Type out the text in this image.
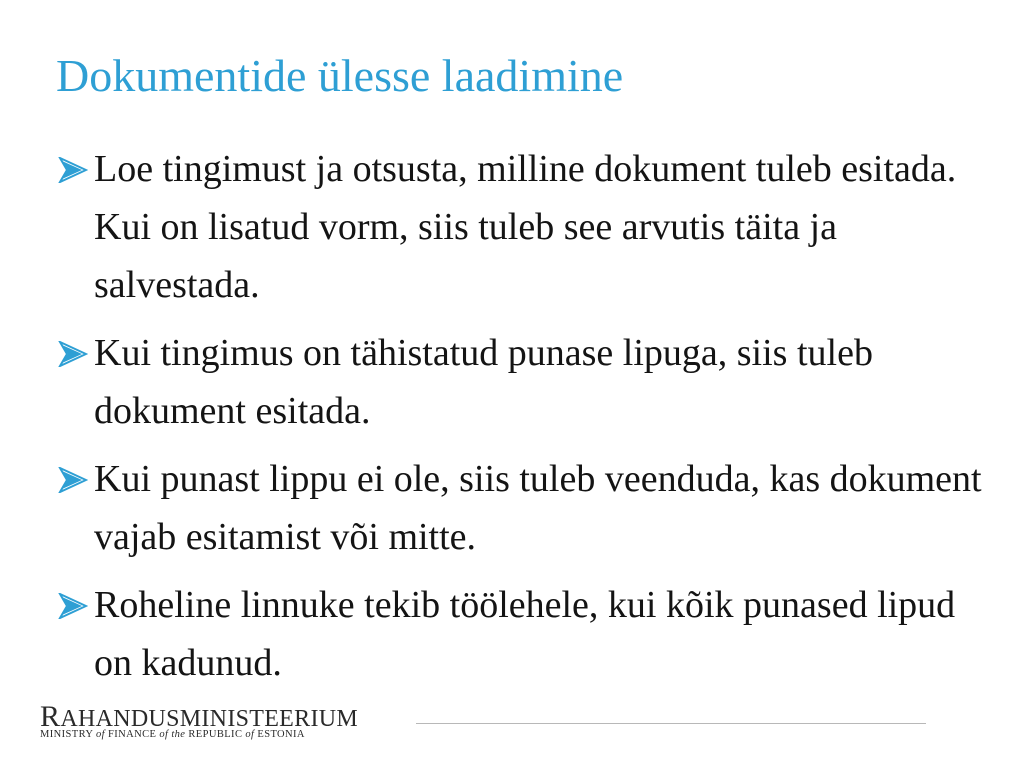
Dokumentide ülesse laadimine
Loe tingimust ja otsusta, milline dokument tuleb esitada. Kui on lisatud vorm, siis tuleb see arvutis täita ja salvestada.
Kui tingimus on tähistatud punase lipuga, siis tuleb dokument esitada.
Kui punast lippu ei ole, siis tuleb veenduda, kas dokument vajab esitamist või mitte.
Roheline linnuke tekib töölehele, kui kõik punased lipud on kadunud.
RAHANDUSMINISTEERIUM
MINISTRY of FINANCE of the REPUBLIC of ESTONIA
